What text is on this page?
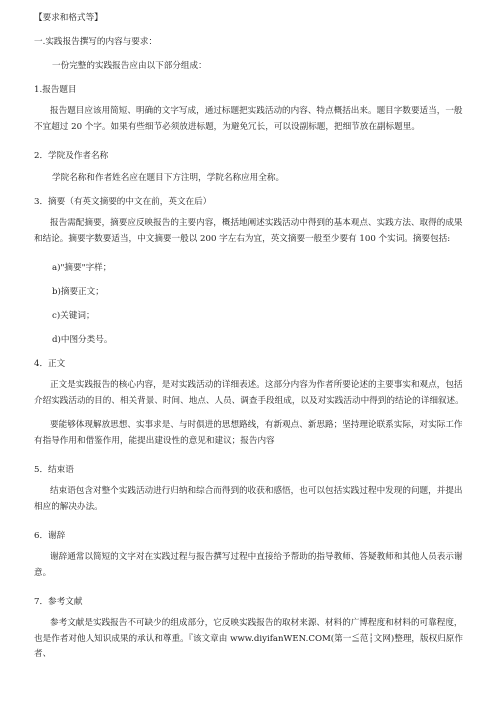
【要求和格式等】
一.实践报告撰写的内容与要求：
一份完整的实践报告应由以下部分组成：
1.报告题目
报告题目应该用简短、明确的文字写成，通过标题把实践活动的内容、特点概括出来。题目字数要适当，一般不宜超过 20 个字。如果有些细节必须放进标题，为避免冗长，可以设副标题，把细节放在副标题里。
2．学院及作者名称
学院名称和作者姓名应在题目下方注明，学院名称应用全称。
3．摘要（有英文摘要的中文在前，英文在后）
报告需配摘要，摘要应反映报告的主要内容，概括地阐述实践活动中得到的基本观点、实践方法、取得的成果和结论。摘要字数要适当，中文摘要一般以 200 字左右为宜，英文摘要一般至少要有 100 个实词。摘要包括:
a)"摘要"字样；
b)摘要正文；
c)关键词；
d)中图分类号。
4．正文
正文是实践报告的核心内容，是对实践活动的详细表述。这部分内容为作者所要论述的主要事实和观点，包括介绍实践活动的目的、相关背景、时间、地点、人员、调查手段组成，以及对实践活动中得到的结论的详细叙述。
要能够体现解放思想、实事求是、与时俱进的思想路线，有新观点、新思路；坚持理论联系实际，对实际工作有指导作用和借鉴作用，能提出建设性的意见和建议；报告内容
5．结束语
结束语包含对整个实践活动进行归纳和综合而得到的收获和感悟，也可以包括实践过程中发现的问题，并提出相应的解决办法。
6．谢辞
谢辞通常以简短的文字对在实践过程与报告撰写过程中直接给予帮助的指导教师、答疑教师和其他人员表示谢意。
7．参考文献
参考文献是实践报告不可缺少的组成部分，它反映实践报告的取材来源、材料的广博程度和材料的可靠程度，也是作者对他人知识成果的承认和尊重。『该文章由 www.diyifanWEN.COM(第一≦范┆文网)整理，版权归原作者、
